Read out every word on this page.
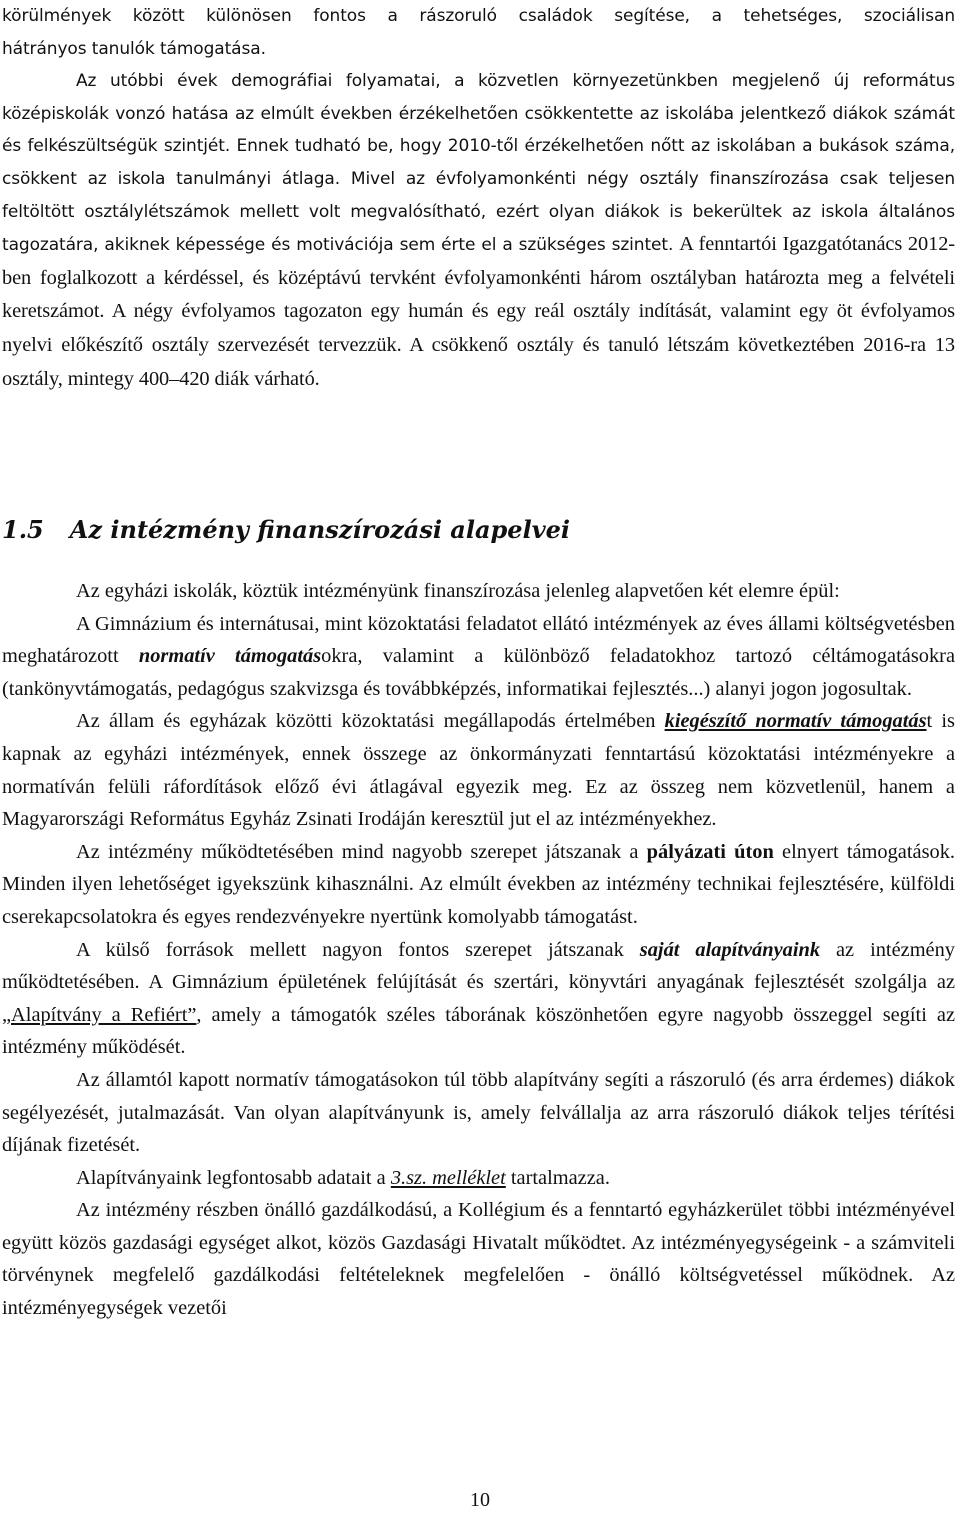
körülmények között különösen fontos a rászoruló családok segítése, a tehetséges, szociálisan

hátrányos tanulók támogatása.

Az utóbbi évek demográfiai folyamatai, a közvetlen környezetünkben megjelenő új református középiskolák vonzó hatása az elmúlt években érzékelhetően csökkentette az iskolába jelentkező diákok számát és felkészültségük szintjét. Ennek tudható be, hogy 2010-től érzékelhetően nőtt az iskolában a bukások száma, csökkent az iskola tanulmányi átlaga. Mivel az évfolyamonkénti négy osztály finanszírozása csak teljesen feltöltött osztálylétszámok mellett volt megvalósítható, ezért olyan diákok is bekerültek az iskola általános tagozatára, akiknek képessége és motivációja sem érte el a szükséges szintet. A fenntartói Igazgatótanács 2012-ben foglalkozott a kérdéssel, és középtávú tervként évfolyamonkénti három osztályban határozta meg a felvételi keretszámot. A négy évfolyamos tagozaton egy humán és egy reál osztály indítását, valamint egy öt évfolyamos nyelvi előkészítő osztály szervezését tervezzük. A csökkenő osztály és tanuló létszám következtében 2016-ra 13 osztály, mintegy 400–420 diák várható.

1.5 Az intézmény finanszírozási alapelvei

Az egyházi iskolák, köztük intézményünk finanszírozása jelenleg alapvetően két elemre épül:

A Gimnázium és internátusai, mint közoktatási feladatot ellátó intézmények az éves állami költségvetésben meghatározott normatív támogatásokra, valamint a különböző feladatokhoz tartozó céltámogatásokra (tankönyvtámogatás, pedagógus szakvizsga és továbbképzés, informatikai fejlesztés...) alanyi jogon jogosultak.

Az állam és egyházak közötti közoktatási megállapodás értelmében kiegészítő normatív támogatást is kapnak az egyházi intézmények, ennek összege az önkormányzati fenntartású közoktatási intézményekre a normatíván felüli ráfordítások előző évi átlagával egyezik meg. Ez az összeg nem közvetlenül, hanem a Magyarországi Református Egyház Zsinati Irodáján keresztül jut el az intézményekhez.

Az intézmény működtetésében mind nagyobb szerepet játszanak a pályázati úton elnyert támogatások. Minden ilyen lehetőséget igyekszünk kihasználni. Az elmúlt években az intézmény technikai fejlesztésére, külföldi cserekapcsolatokra és egyes rendezvényekre nyertünk komolyabb támogatást.

A külső források mellett nagyon fontos szerepet játszanak saját alapítványaink az intézmény működtetésében. A Gimnázium épületének felújítását és szertári, könyvtári anyagának fejlesztését szolgálja az „Alapítvány a Refiért”, amely a támogatók széles táborának köszönhetően egyre nagyobb összeggel segíti az intézmény működését.

Az államtól kapott normatív támogatásokon túl több alapítvány segíti a rászoruló (és arra érdemes) diákok segélyezését, jutalmazását. Van olyan alapítványunk is, amely felvállalja az arra rászoruló diákok teljes térítési díjának fizetését.

Alapítványaink legfontosabb adatait a 3.sz. melléklet tartalmazza.

Az intézmény részben önálló gazdálkodású, a Kollégium és a fenntartó egyházkerület többi intézményével együtt közös gazdasági egységet alkot, közös Gazdasági Hivatalt működtet. Az intézményegységeink - a számviteli törvénynek megfelelő gazdálkodási feltételeknek megfelelően - önálló költségvetéssel működnek. Az intézményegységek vezetői

10
